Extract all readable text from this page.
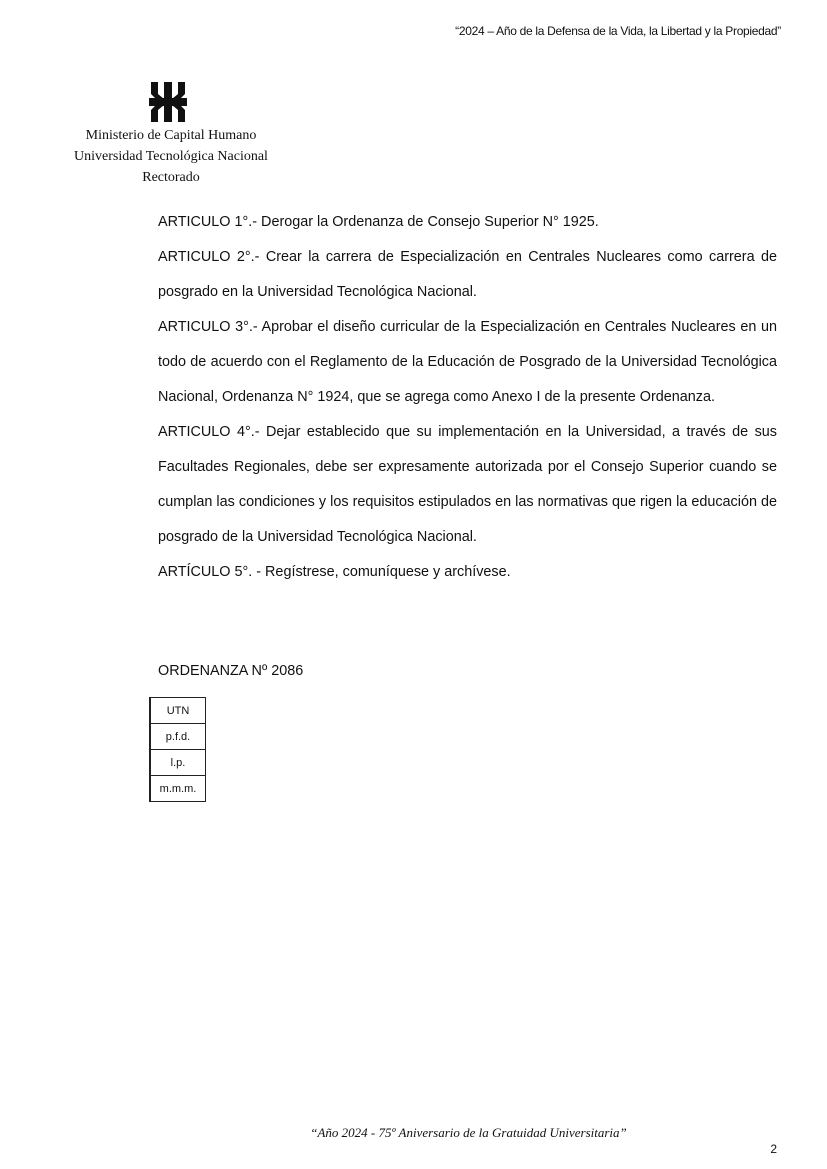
“2024 – Año de la Defensa de la Vida, la Libertad y la Propiedad”
Ministerio de Capital Humano
Universidad Tecnológica Nacional
Rectorado

ARTICULO 1°.- Derogar la Ordenanza de Consejo Superior N° 1925.

ARTICULO 2°.- Crear la carrera de Especialización en Centrales Nucleares como carrera de posgrado en la Universidad Tecnológica Nacional.

ARTICULO 3°.- Aprobar el diseño curricular de la Especialización en Centrales Nucleares en un todo de acuerdo con el Reglamento de la Educación de Posgrado de la Universidad Tecnológica Nacional, Ordenanza N° 1924, que se agrega como Anexo I de la presente Ordenanza.

ARTICULO 4°.- Dejar establecido que su implementación en la Universidad, a través de sus Facultades Regionales, debe ser expresamente autorizada por el Consejo Superior cuando se cumplan las condiciones y los requisitos estipulados en las normativas que rigen la educación de posgrado de la Universidad Tecnológica Nacional.

ARTÍCULO 5°. - Regístrese, comuníquese y archívese.

ORDENANZA Nº 2086
UTN
p.f.d.
l.p.
m.m.m.
“Año 2024 - 75º Aniversario de la Gratuidad Universitaria”
2
